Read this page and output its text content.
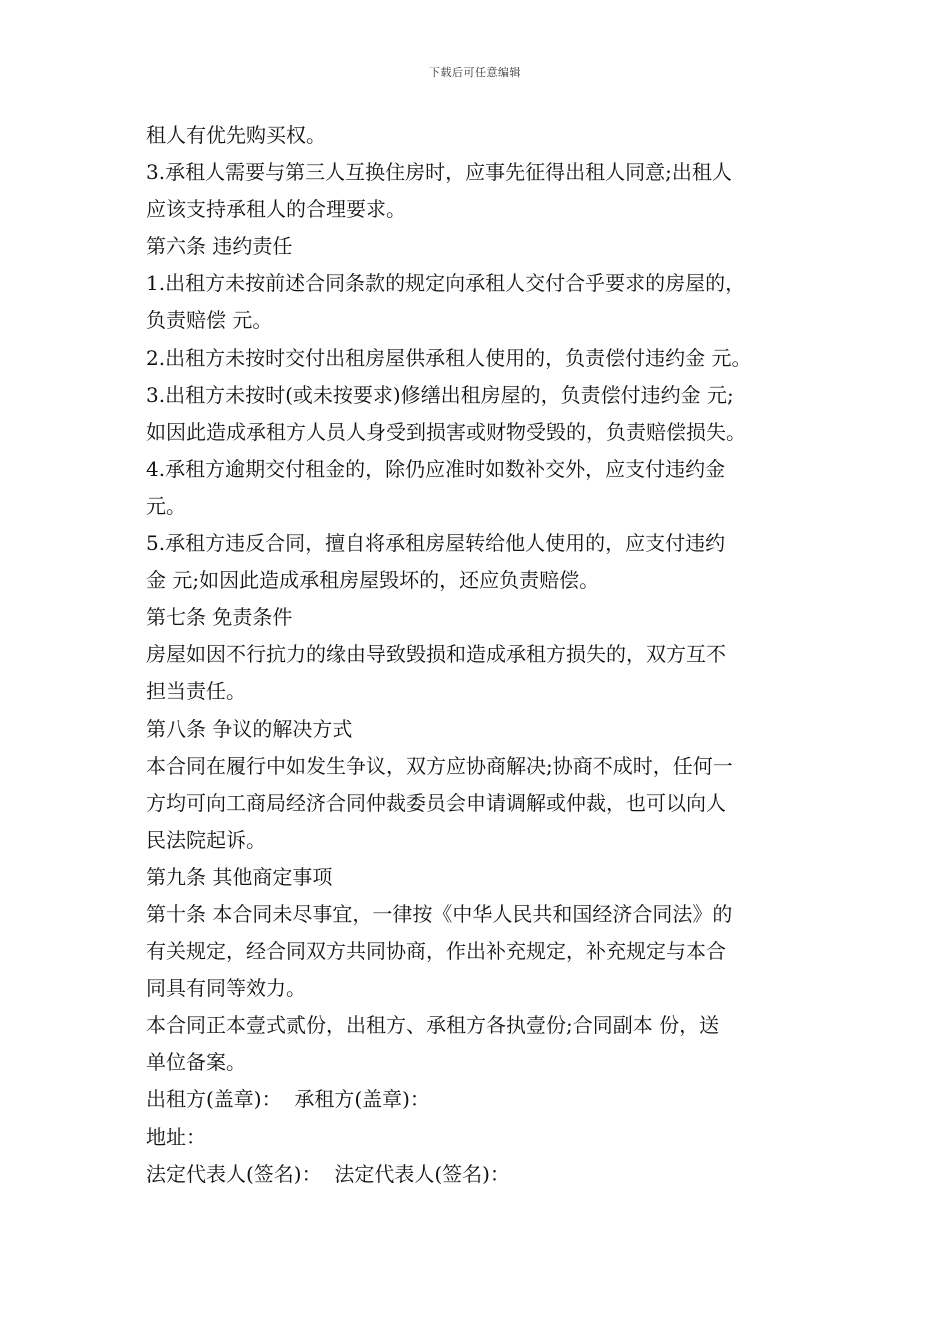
下载后可任意编辑
租人有优先购买权。
3.承租人需要与第三人互换住房时，应事先征得出租人同意;出租人
应该支持承租人的合理要求。
第六条 违约责任
1.出租方未按前述合同条款的规定向承租人交付合乎要求的房屋的，
负责赔偿 元。
2.出租方未按时交付出租房屋供承租人使用的，负责偿付违约金 元。
3.出租方未按时(或未按要求)修缮出租房屋的，负责偿付违约金 元;
如因此造成承租方人员人身受到损害或财物受毁的，负责赔偿损失。
4.承租方逾期交付租金的，除仍应准时如数补交外，应支付违约金
元。
5.承租方违反合同，擅自将承租房屋转给他人使用的，应支付违约
金 元;如因此造成承租房屋毁坏的，还应负责赔偿。
第七条 免责条件
房屋如因不行抗力的缘由导致毁损和造成承租方损失的，双方互不
担当责任。
第八条 争议的解决方式
本合同在履行中如发生争议，双方应协商解决;协商不成时，任何一
方均可向工商局经济合同仲裁委员会申请调解或仲裁，也可以向人
民法院起诉。
第九条 其他商定事项
第十条 本合同未尽事宜，一律按《中华人民共和国经济合同法》的
有关规定，经合同双方共同协商，作出补充规定，补充规定与本合
同具有同等效力。
本合同正本壹式贰份，出租方、承租方各执壹份;合同副本 份，送
单位备案。
出租方(盖章)：  承租方(盖章)：
地址：
法定代表人(签名)：  法定代表人(签名)：
